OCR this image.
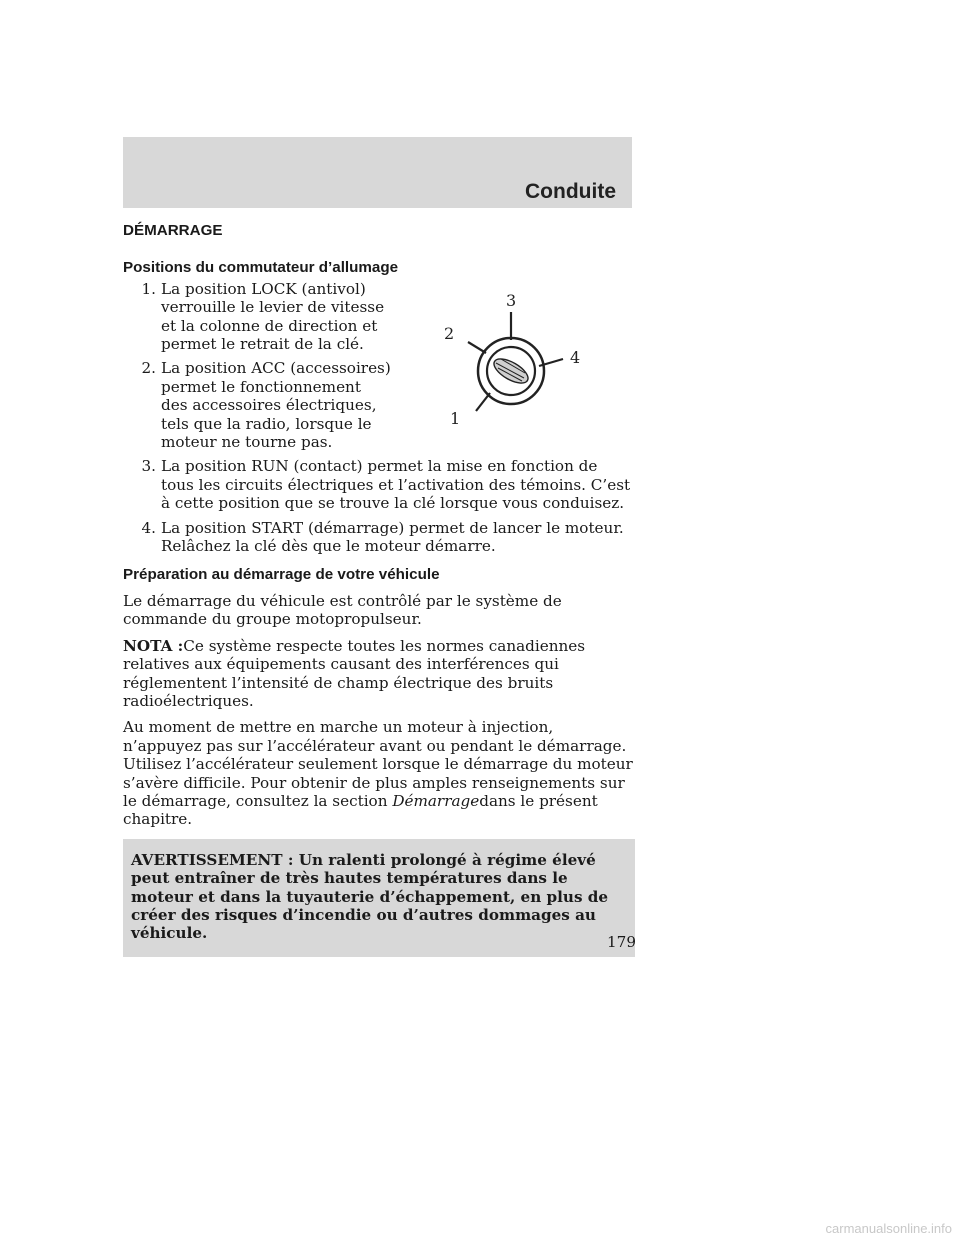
Conduite
DÉMARRAGE
Positions du commutateur d’allumage
1. La position LOCK (antivol) verrouille le levier de vitesse et la colonne de direction et permet le retrait de la clé.
2. La position ACC (accessoires) permet le fonctionnement des accessoires électriques, tels que la radio, lorsque le moteur ne tourne pas.
3. La position RUN (contact) permet la mise en fonction de tous les circuits électriques et l’activation des témoins. C’est à cette position que se trouve la clé lorsque vous conduisez.
4. La position START (démarrage) permet de lancer le moteur. Relâchez la clé dès que le moteur démarre.
Préparation au démarrage de votre véhicule

Le démarrage du véhicule est contrôlé par le système de commande du groupe motopropulseur.

NOTA :Ce système respecte toutes les normes canadiennes relatives aux équipements causant des interférences qui réglementent l’intensité de champ électrique des bruits radioélectriques.

Au moment de mettre en marche un moteur à injection, n’appuyez pas sur l’accélérateur avant ou pendant le démarrage. Utilisez l’accélérateur seulement lorsque le démarrage du moteur s’avère difficile. Pour obtenir de plus amples renseignements sur le démarrage, consultez la section Démarragedans le présent chapitre.

AVERTISSEMENT : Un ralenti prolongé à régime élevé peut entraîner de très hautes températures dans le moteur et dans la tuyauterie d’échappement, en plus de créer des risques d’incendie ou d’autres dommages au véhicule.
3
2
4
1
179
carmanualsonline.info
